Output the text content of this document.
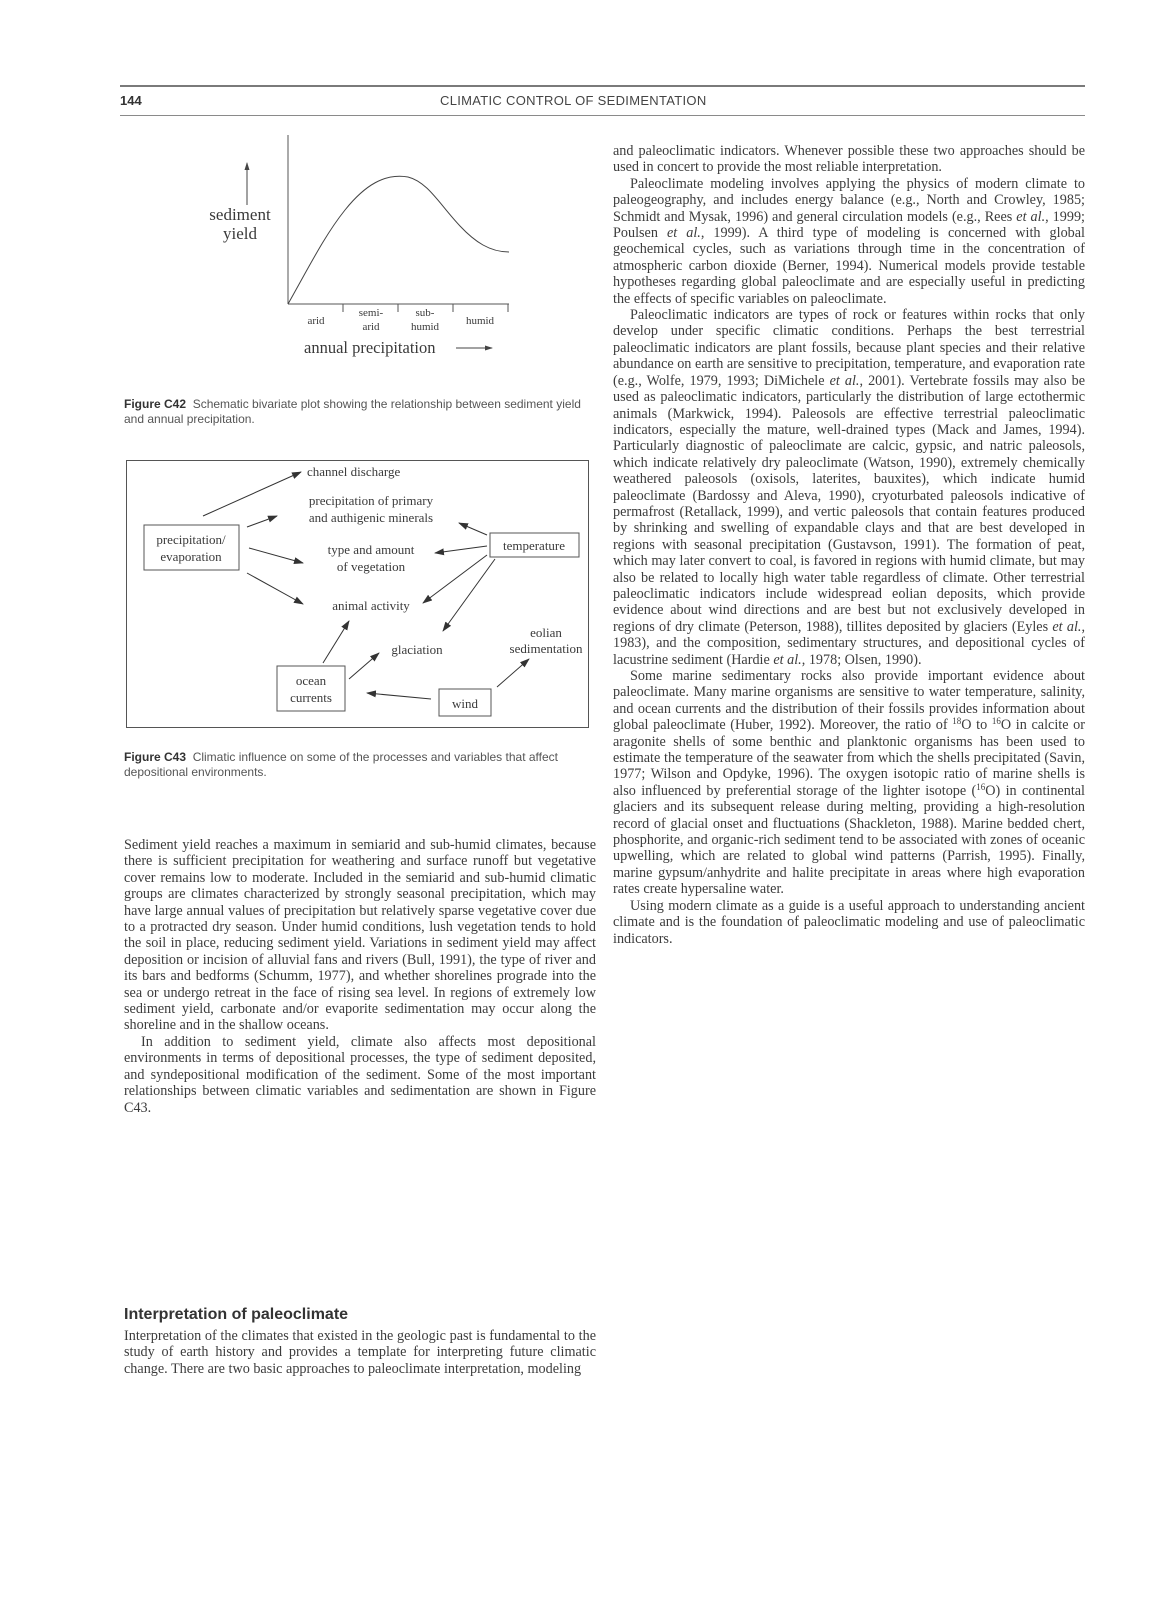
144	CLIMATIC CONTROL OF SEDIMENTATION
sediment
yield
arid
semi-
arid
sub-
humid humid
annual precipitation
Figure C42 Schematic bivariate plot showing the relationship between sediment yield and annual precipitation.
precipitation/
evaporation
temperature
ocean
currents	wind
channel discharge
precipitation of primary
and authigenic minerals
type and amount
of vegetation
animal activity
glaciation
eolian
sedimentation
Figure C43 Climatic influence on some of the processes and variables that affect depositional environments.

Sediment yield reaches a maximum in semiarid and sub-humid climates, because there is sufficient precipitation for weathering and surface runoff but vegetative cover remains low to moderate. Included in the semiarid and sub-humid climatic groups are climates characterized by strongly seasonal precipitation, which may have large annual values of precipitation but relatively sparse vegetative cover due to a protracted dry season. Under humid conditions, lush vegetation tends to hold the soil in place, reducing sediment yield. Variations in sediment yield may affect deposition or incision of alluvial fans and rivers (Bull, 1991), the type of river and its bars and bedforms (Schumm, 1977), and whether shorelines prograde into the sea or undergo retreat in the face of rising sea level. In regions of extremely low sediment yield, carbonate and/or evaporite sedimentation may occur along the shoreline and in the shallow oceans.

In addition to sediment yield, climate also affects most depositional environments in terms of depositional processes, the type of sediment deposited, and syndepositional modification of the sediment. Some of the most important relationships between climatic variables and sedimentation are shown in Figure C43.

Interpretation of paleoclimate

Interpretation of the climates that existed in the geologic past is fundamental to the study of earth history and provides a template for interpreting future climatic change. There are two basic approaches to paleoclimate interpretation, modeling

and paleoclimatic indicators. Whenever possible these two approaches should be used in concert to provide the most reliable interpretation.

Paleoclimate modeling involves applying the physics of modern climate to paleogeography, and includes energy balance (e.g., North and Crowley, 1985; Schmidt and Mysak, 1996) and general circulation models (e.g., Rees et al., 1999; Poulsen et al., 1999). A third type of modeling is concerned with global geochemical cycles, such as variations through time in the concentration of atmospheric carbon dioxide (Berner, 1994). Numerical models provide testable hypotheses regarding global paleoclimate and are especially useful in predicting the effects of specific variables on paleoclimate.

Paleoclimatic indicators are types of rock or features within rocks that only develop under specific climatic conditions. Perhaps the best terrestrial paleoclimatic indicators are plant fossils, because plant species and their relative abundance on earth are sensitive to precipitation, temperature, and evaporation rate (e.g., Wolfe, 1979, 1993; DiMichele et al., 2001). Vertebrate fossils may also be used as paleoclimatic indicators, particularly the distribution of large ectothermic animals (Markwick, 1994). Paleosols are effective terrestrial paleoclimatic indicators, especially the mature, well-drained types (Mack and James, 1994). Particularly diagnostic of paleoclimate are calcic, gypsic, and natric paleosols, which indicate relatively dry paleoclimate (Watson, 1990), extremely chemically weathered paleosols (oxisols, laterites, bauxites), which indicate humid paleoclimate (Bardossy and Aleva, 1990), cryoturbated paleosols indicative of permafrost (Retallack, 1999), and vertic paleosols that contain features produced by shrinking and swelling of expandable clays and that are best developed in regions with seasonal precipitation (Gustavson, 1991). The formation of peat, which may later convert to coal, is favored in regions with humid climate, but may also be related to locally high water table regardless of climate. Other terrestrial paleoclimatic indicators include widespread eolian deposits, which provide evidence about wind directions and are best but not exclusively developed in regions of dry climate (Peterson, 1988), tillites deposited by glaciers (Eyles et al., 1983), and the composition, sedimentary structures, and depositional cycles of lacustrine sediment (Hardie et al., 1978; Olsen, 1990).

Some marine sedimentary rocks also provide important evidence about paleoclimate. Many marine organisms are sensitive to water temperature, salinity, and ocean currents and the distribution of their fossils provides information about global paleoclimate (Huber, 1992). Moreover, the ratio of $^{18}$O to $^{16}$O in calcite or aragonite shells of some benthic and planktonic organisms has been used to estimate the temperature of the seawater from which the shells precipitated (Savin, 1977; Wilson and Opdyke, 1996). The oxygen isotopic ratio of marine shells is also influenced by preferential storage of the lighter isotope ($^{16}$O) in continental glaciers and its subsequent release during melting, providing a high-resolution record of glacial onset and fluctuations (Shackleton, 1988). Marine bedded chert, phosphorite, and organic-rich sediment tend to be associated with zones of oceanic upwelling, which are related to global wind patterns (Parrish, 1995). Finally, marine gypsum/anhydrite and halite precipitate in areas where high evaporation rates create hypersaline water.

Using modern climate as a guide is a useful approach to understanding ancient climate and is the foundation of paleoclimatic modeling and use of paleoclimatic indicators.
